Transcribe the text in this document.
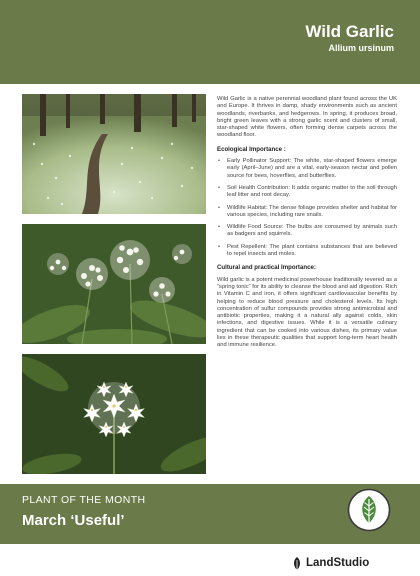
Wild Garlic
Allium ursinum

Wild Garlic is a native perennial woodland plant found across the UK and Europe. It thrives in damp, shady environments such as ancient woodlands, riverbanks, and hedgerows. In spring, it produces broad, bright green leaves with a strong garlic scent and clusters of small, star-shaped white flowers, often forming dense carpets across the woodland floor.

Ecological Importance :
• Early Pollinator Support: The white, star-shaped flowers emerge early (April–June) and are a vital, early-season nectar and pollen source for bees, hoverflies, and butterflies.
• Soil Health Contribution: It adds organic matter to the soil through leaf litter and root decay.
• Wildlife Habitat: The dense foliage provides shelter and habitat for various species, including rare snails.
• Wildlife Food Source: The bulbs are consumed by animals such as badgers and squirrels.
• Pest Repellent: The plant contains substances that are believed to repel insects and moles.
Cultural and practical Importance:

Wild garlic is a potent medicinal powerhouse traditionally revered as a “spring tonic” for its ability to cleanse the blood and aid digestion. Rich in Vitamin C and iron, it offers significant cardiovascular benefits by helping to reduce blood pressure and cholesterol levels. Its high concentration of sulfur compounds provides strong antimicrobial and antibiotic properties, making it a natural ally against colds, skin infections, and digestive issues. While it is a versatile culinary ingredient that can be cooked into various dishes, its primary value lies in these therapeutic qualities that support long-term heart health and immune resilience.

PLANT OF THE MONTH
March ‘Useful’
LandStudio
